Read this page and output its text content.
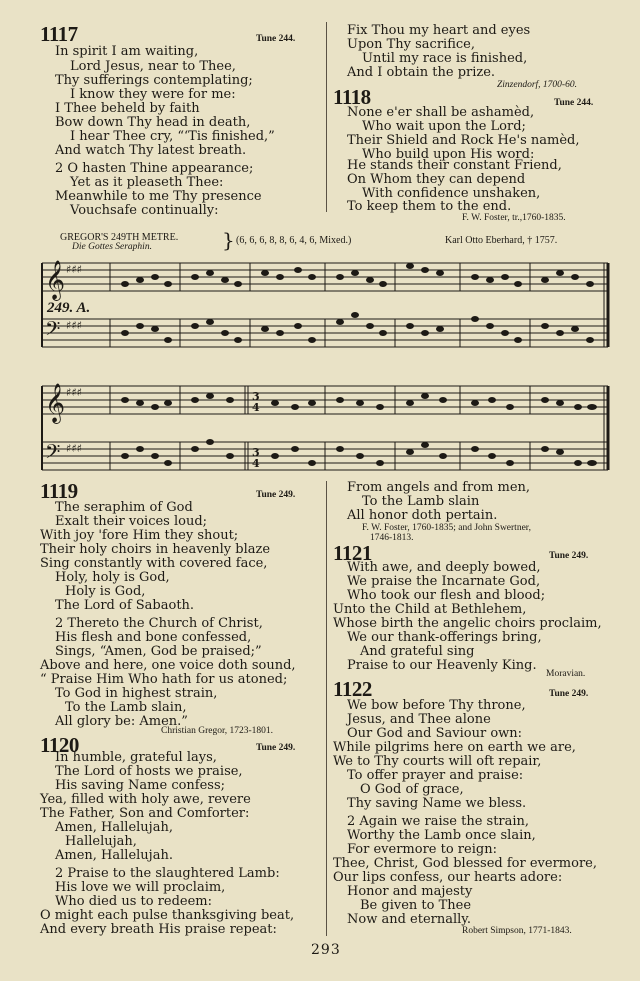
1117	Tune 244.
In spirit I am waiting,
Lord Jesus, near to Thee,
Thy sufferings contemplating;
I know they were for me:
I Thee beheld by faith
Bow down Thy head in death,
I hear Thee cry, “‘Tis finished,”
And watch Thy latest breath.
2 O hasten Thine appearance;
Yet as it pleaseth Thee:
Meanwhile to me Thy presence
Vouchsafe continually:
Fix Thou my heart and eyes
Upon Thy sacrifice,
Until my race is finished,
And I obtain the prize.
Zinzendorf, 1700-60.
1118	Tune 244.
None e'er shall be ashamèd,
Who wait upon the Lord;
Their Shield and Rock He's namèd,
Who build upon His word:
He stands their constant Friend,
On Whom they can depend
With confidence unshaken,
To keep them to the end.
F. W. Foster, tr.,1760-1835.
GREGOR'S 249TH METRE.
Die Gottes Seraphin.	} (6, 6, 6, 8, 8, 6, 4, 6, Mixed.)	Karl Otto Eberhard, † 1757.
249. A.
𝄞
𝄢
♯♯♯
♯♯♯
𝄞
𝄢
♯♯♯
♯♯♯
3
4
3
4
1119	Tune 249.
The seraphim of God
Exalt their voices loud;
With joy 'fore Him they shout;
Their holy choirs in heavenly blaze
Sing constantly with covered face,
Holy, holy is God,
Holy is God,
The Lord of Sabaoth.
2 Thereto the Church of Christ,
His flesh and bone confessed,
Sings, “Amen, God be praised;”
Above and here, one voice doth sound,
“ Praise Him Who hath for us atoned;
To God in highest strain,
To the Lamb slain,
All glory be: Amen.”
Christian Gregor, 1723-1801.
1120	Tune 249.
In humble, grateful lays,
The Lord of hosts we praise,
His saving Name confess;
Yea, filled with holy awe, revere
The Father, Son and Comforter:
Amen, Hallelujah,
Hallelujah,
Amen, Hallelujah.
2 Praise to the slaughtered Lamb:
His love we will proclaim,
Who died us to redeem:
O might each pulse thanksgiving beat,
And every breath His praise repeat:
From angels and from men,
To the Lamb slain
All honor doth pertain.
F. W. Foster, 1760-1835; and John Swertner,
1746-1813.
1121	Tune 249.
With awe, and deeply bowed,
We praise the Incarnate God,
Who took our flesh and blood;
Unto the Child at Bethlehem,
Whose birth the angelic choirs proclaim,
We our thank-offerings bring,
And grateful sing
Praise to our Heavenly King.
Moravian.
1122	Tune 249.
We bow before Thy throne,
Jesus, and Thee alone
Our God and Saviour own:
While pilgrims here on earth we are,
We to Thy courts will oft repair,
To offer prayer and praise:
O God of grace,
Thy saving Name we bless.
2 Again we raise the strain,
Worthy the Lamb once slain,
For evermore to reign:
Thee, Christ, God blessed for evermore,
Our lips confess, our hearts adore:
Honor and majesty
Be given to Thee
Now and eternally.
Robert Simpson, 1771-1843.
293
